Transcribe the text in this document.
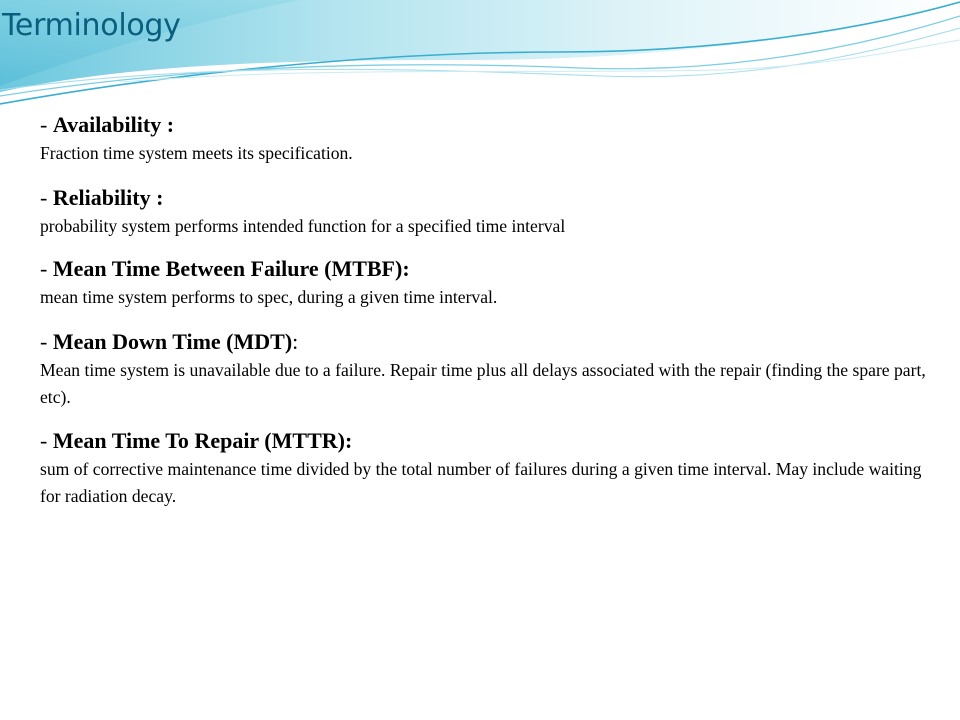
Terminology
- Availability :
Fraction time system meets its specification.
- Reliability :
probability system performs intended function for a specified time interval
- Mean Time Between Failure (MTBF):
mean time system performs to spec, during a given time interval.
- Mean Down Time (MDT):
Mean time system is unavailable due to a failure. Repair time plus all delays associated with the repair (finding the spare part, etc).
- Mean Time To Repair (MTTR):
sum of corrective maintenance time divided by the total number of failures during a given time interval. May include waiting for radiation decay.
